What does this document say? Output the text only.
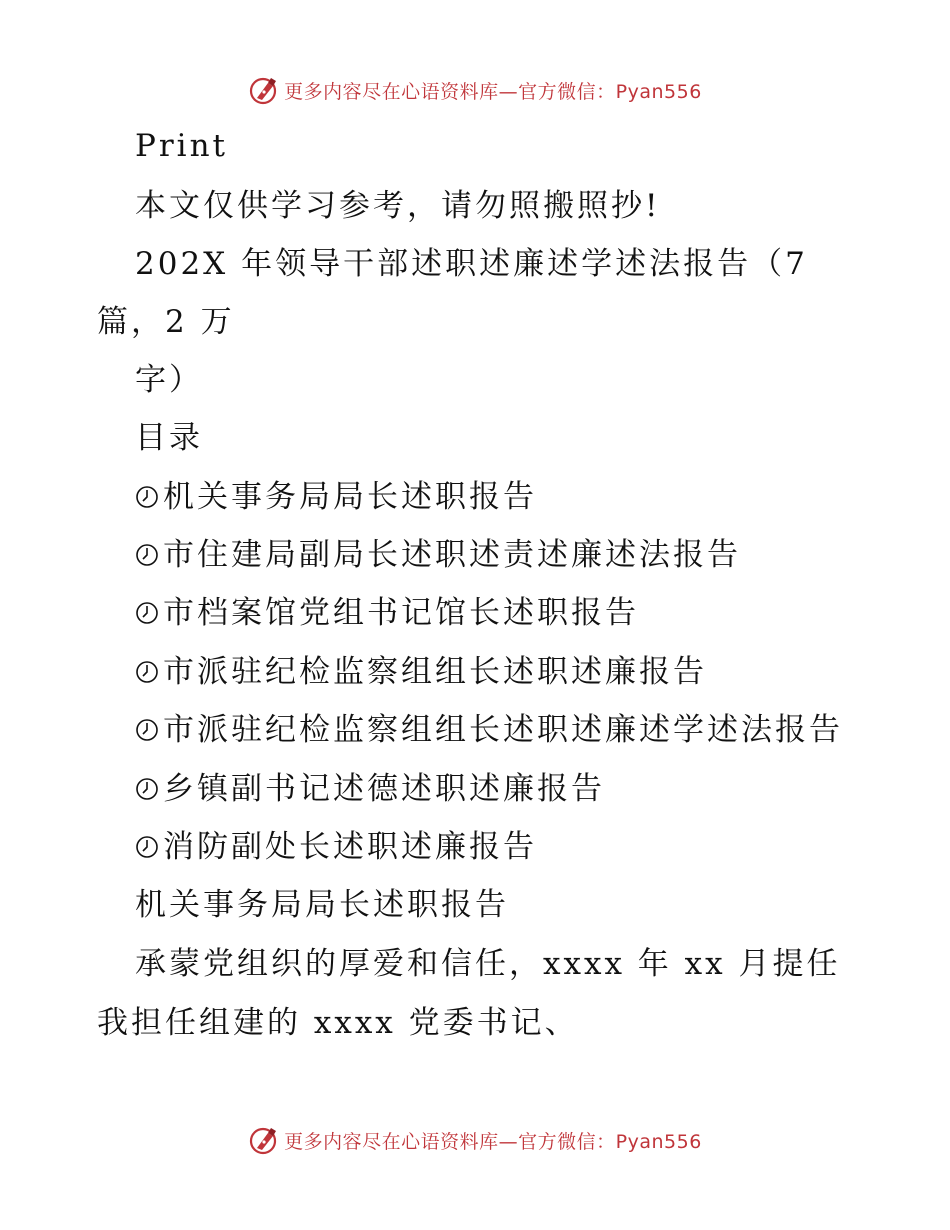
更多内容尽在心语资料库—官方微信：Pyan556
Print
本文仅供学习参考，请勿照搬照抄!
202X 年领导干部述职述廉述学述法报告（7
篇，2 万
字）
目录
机关事务局局长述职报告
市住建局副局长述职述责述廉述法报告
市档案馆党组书记馆长述职报告
市派驻纪检监察组组长述职述廉报告
市派驻纪检监察组组长述职述廉述学述法报告
乡镇副书记述德述职述廉报告
消防副处长述职述廉报告
机关事务局局长述职报告
承蒙党组织的厚爱和信任，xxxx 年 xx 月提任
我担任组建的 xxxx 党委书记、
更多内容尽在心语资料库—官方微信：Pyan556
